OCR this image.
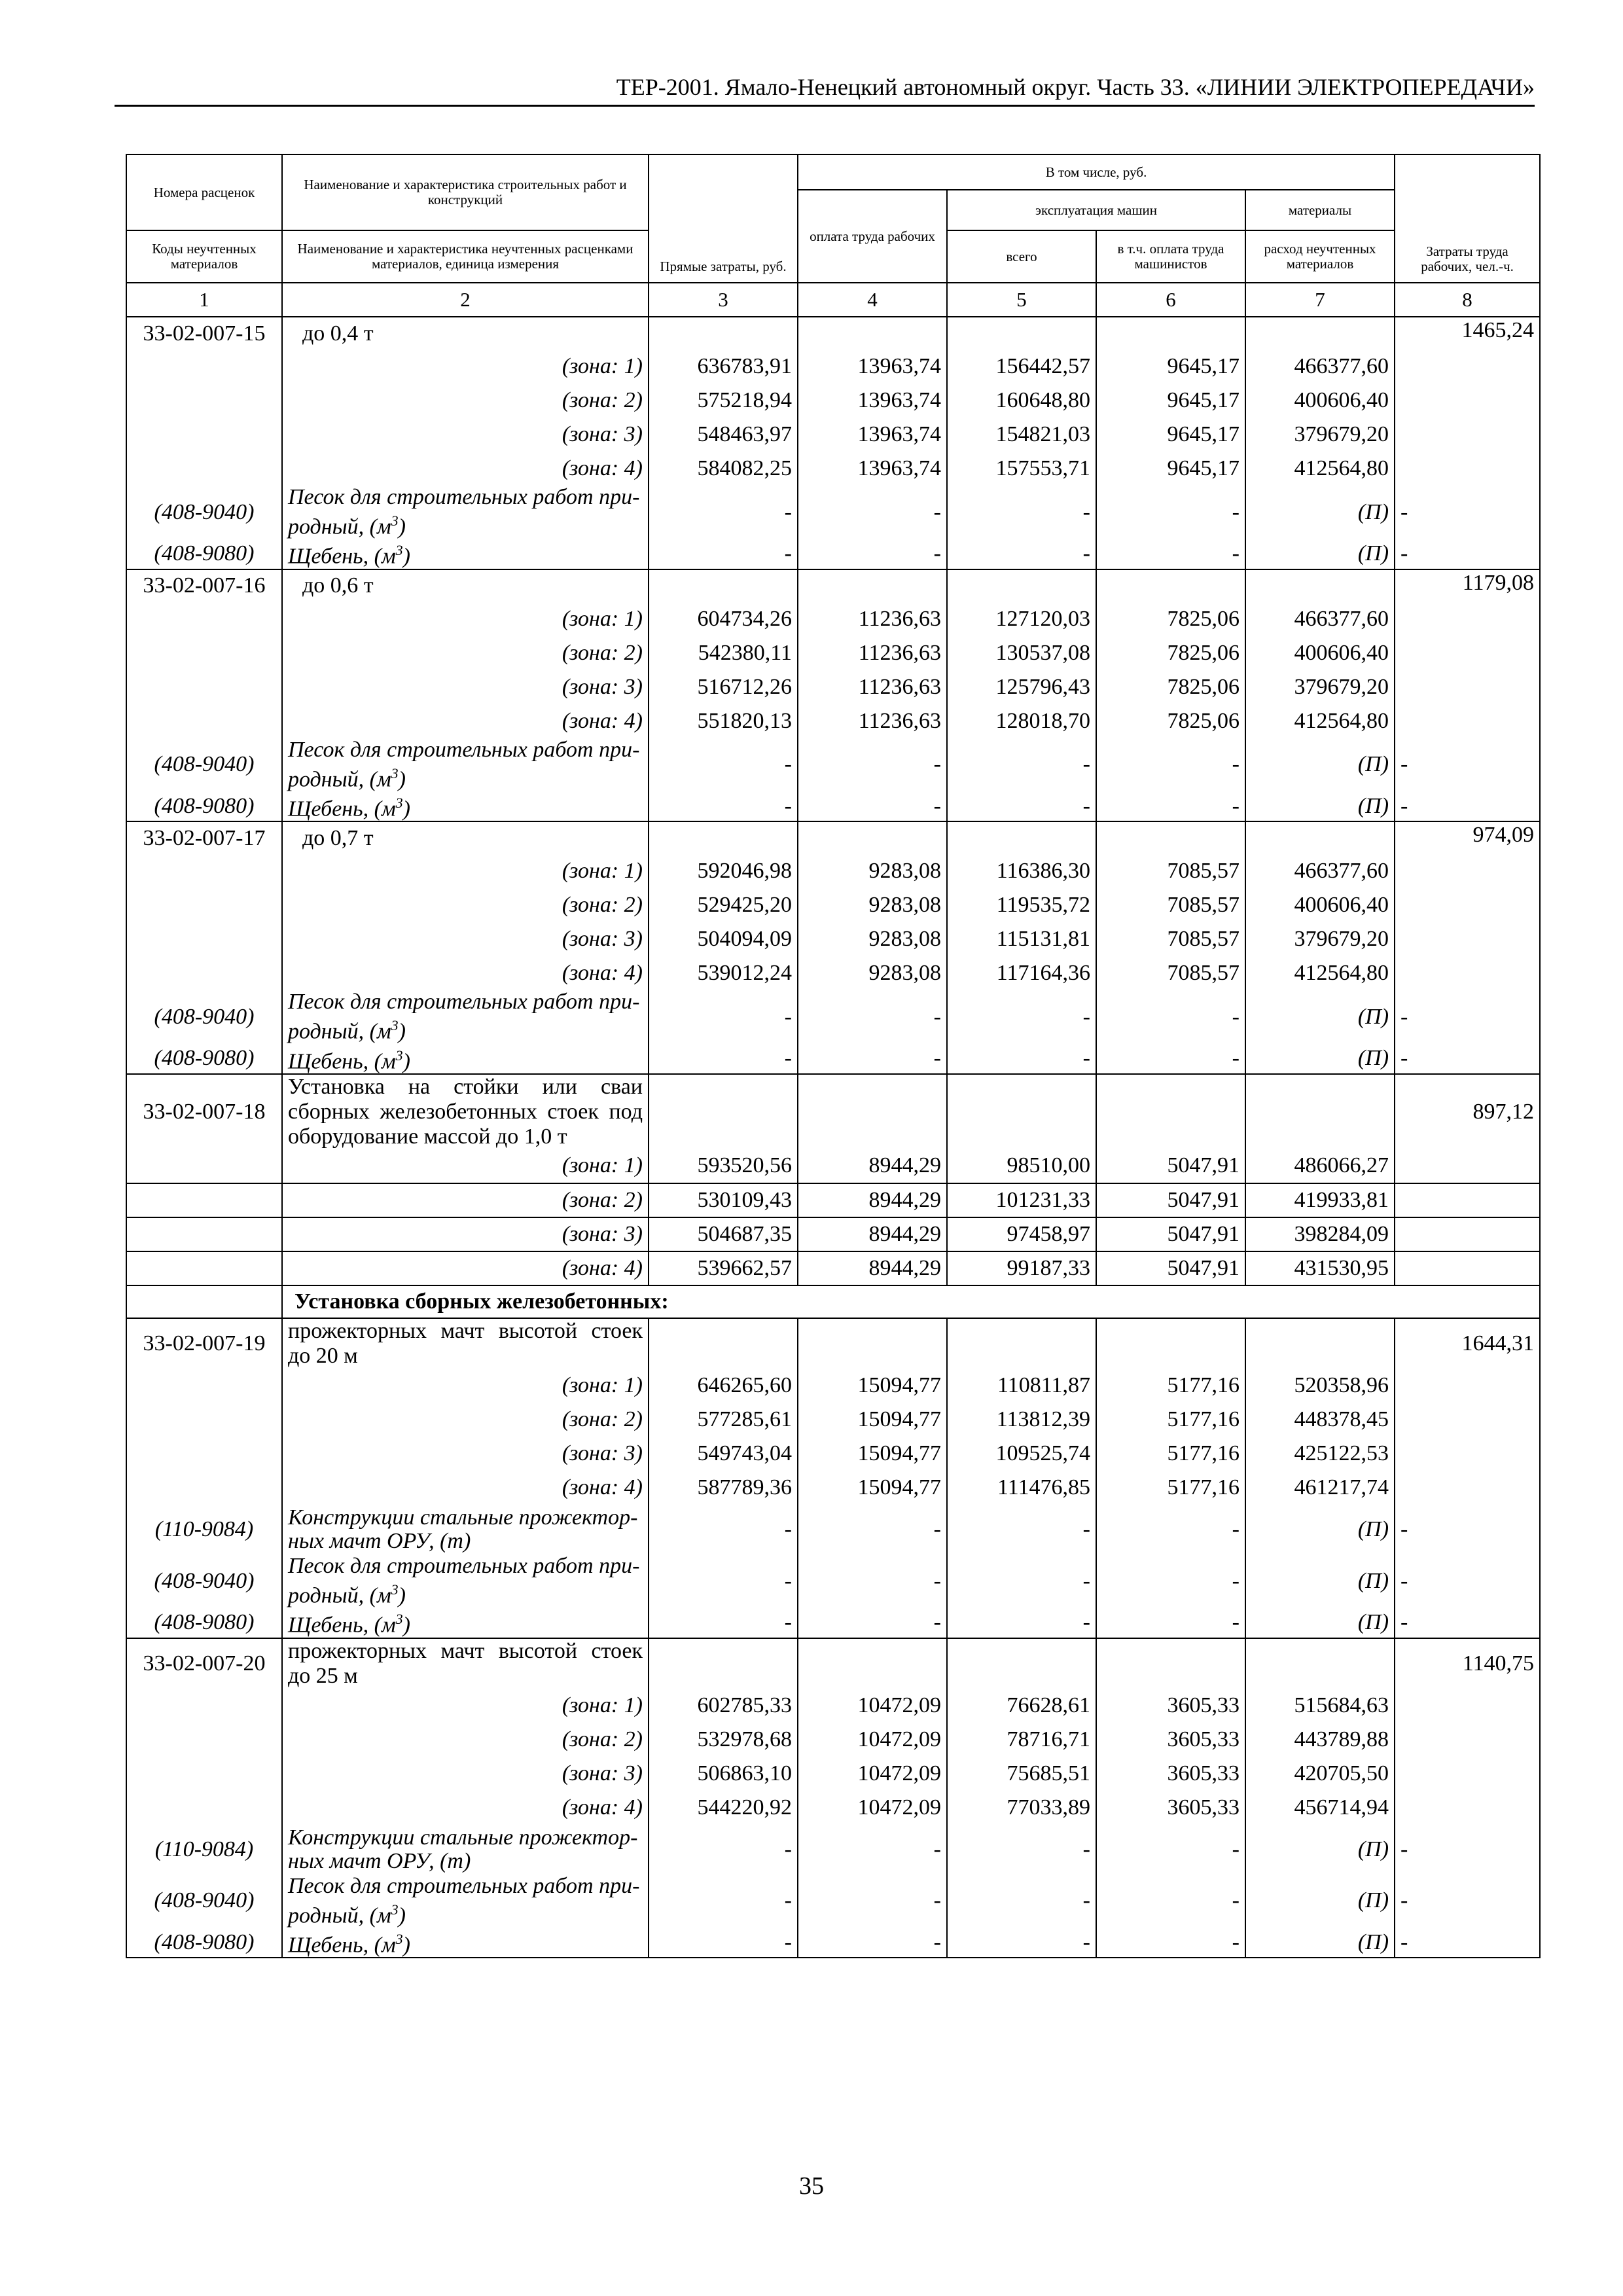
ТЕР-2001. Ямало-Ненецкий автономный округ. Часть 33. «ЛИНИИ ЭЛЕКТРОПЕРЕДАЧИ»
Номера расценок	Наименование и характеристика строительных работ и конструкций	Прямые затраты, руб.	В том числе, руб.				Затраты труда рабочих, чел.-ч.
			оплата труда рабочих	эксплуатация машин		материалы	
Коды неучтенных материалов	Наименование и характеристика неучтенных расценками материалов, единица измерения			всего	в т.ч. оплата труда машинистов	расход неучтенных материалов	
1	2	3	4	5	6	7	8
33-02-007-15	до 0,4 т						1465,24
	(зона: 1)	636783,91	13963,74	156442,57	9645,17	466377,60	
	(зона: 2)	575218,94	13963,74	160648,80	9645,17	400606,40	
	(зона: 3)	548463,97	13963,74	154821,03	9645,17	379679,20	
	(зона: 4)	584082,25	13963,74	157553,71	9645,17	412564,80	
(408-9040)	Песок для строительных работ при-
родный, $(м^3)$	-	-	-	-	(П)	-
(408-9080)	Щебень, $(м^3)$	-	-	-	-	(П)	-
33-02-007-16	до 0,6 т						1179,08
	(зона: 1)	604734,26	11236,63	127120,03	7825,06	466377,60	
	(зона: 2)	542380,11	11236,63	130537,08	7825,06	400606,40	
	(зона: 3)	516712,26	11236,63	125796,43	7825,06	379679,20	
	(зона: 4)	551820,13	11236,63	128018,70	7825,06	412564,80	
(408-9040)	Песок для строительных работ при-
родный, $(м^3)$	-	-	-	-	(П)	-
(408-9080)	Щебень, $(м^3)$	-	-	-	-	(П)	-
33-02-007-17	до 0,7 т						974,09
	(зона: 1)	592046,98	9283,08	116386,30	7085,57	466377,60	
	(зона: 2)	529425,20	9283,08	119535,72	7085,57	400606,40	
	(зона: 3)	504094,09	9283,08	115131,81	7085,57	379679,20	
	(зона: 4)	539012,24	9283,08	117164,36	7085,57	412564,80	
(408-9040)	Песок для строительных работ при-
родный, $(м^3)$	-	-	-	-	(П)	-
(408-9080)	Щебень, $(м^3)$	-	-	-	-	(П)	-
33-02-007-18	Установка на стойки или сваи сборных железобетонных стоек под оборудование массой до 1,0 т						897,12
	(зона: 1)	593520,56	8944,29	98510,00	5047,91	486066,27	
	(зона: 2)	530109,43	8944,29	101231,33	5047,91	419933,81	
	(зона: 3)	504687,35	8944,29	97458,97	5047,91	398284,09	
	(зона: 4)	539662,57	8944,29	99187,33	5047,91	431530,95	
	Установка сборных железобетонных:						
33-02-007-19	прожекторных мачт высотой стоек до 20 м						1644,31
	(зона: 1)	646265,60	15094,77	110811,87	5177,16	520358,96	
	(зона: 2)	577285,61	15094,77	113812,39	5177,16	448378,45	
	(зона: 3)	549743,04	15094,77	109525,74	5177,16	425122,53	
	(зона: 4)	587789,36	15094,77	111476,85	5177,16	461217,74	
(110-9084)	Конструкции стальные прожектор-
ных мачт ОРУ, (т)	-	-	-	-	(П)	-
(408-9040)	Песок для строительных работ при-
родный, $(м^3)$	-	-	-	-	(П)	-
(408-9080)	Щебень, $(м^3)$	-	-	-	-	(П)	-
33-02-007-20	прожекторных мачт высотой стоек до 25 м						1140,75
	(зона: 1)	602785,33	10472,09	76628,61	3605,33	515684,63	
	(зона: 2)	532978,68	10472,09	78716,71	3605,33	443789,88	
	(зона: 3)	506863,10	10472,09	75685,51	3605,33	420705,50	
	(зона: 4)	544220,92	10472,09	77033,89	3605,33	456714,94	
(110-9084)	Конструкции стальные прожектор-
ных мачт ОРУ, (т)	-	-	-	-	(П)	-
(408-9040)	Песок для строительных работ при-
родный, $(м^3)$	-	-	-	-	(П)	-
(408-9080)	Щебень, $(м^3)$	-	-	-	-	(П)	-
35
